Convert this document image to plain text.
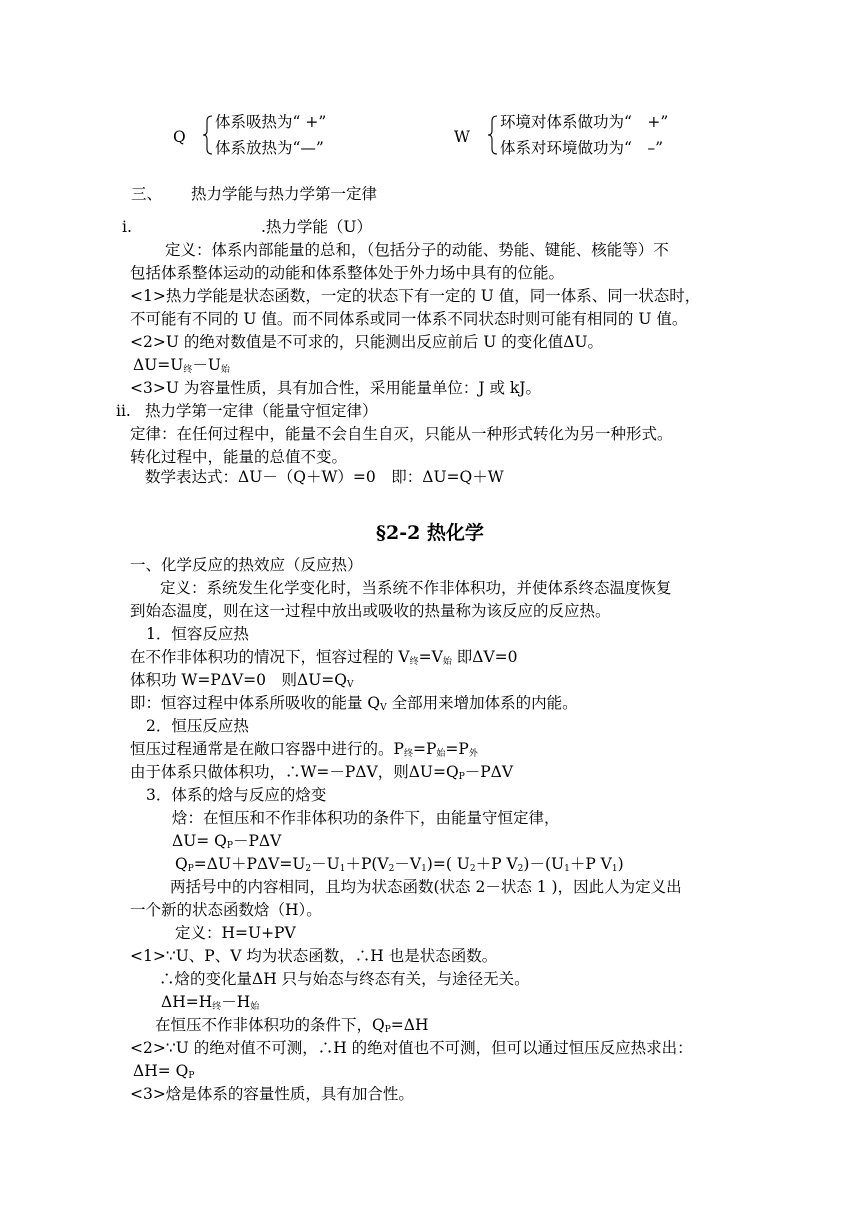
Q
体系吸热为“ +”
体系放热为“—”
W
环境对体系做功为“　+”
体系对环境做功为“　–”
三、 热力学能与热力学第一定律
i.	.热力学能（U）
定义：体系内部能量的总和，（包括分子的动能、势能、键能、核能等）不
包括体系整体运动的动能和体系整体处于外力场中具有的位能。
<1>热力学能是状态函数，一定的状态下有一定的 U 值，同一体系、同一状态时，
不可能有不同的 U 值。而不同体系或同一体系不同状态时则可能有相同的 U 值。
<2>U 的绝对数值是不可求的，只能测出反应前后 U 的变化值ΔU。
$\Delta U=U_终-U_始$
<3>U 为容量性质，具有加合性，采用能量单位：J 或 kJ。
ii. 热力学第一定律（能量守恒定律）
定律：在任何过程中，能量不会自生自灭，只能从一种形式转化为另一种形式。
转化过程中，能量的总值不变。
数学表达式：ΔU－（Q＋W）=0　即：ΔU=Q＋W
§2-2 热化学
一、化学反应的热效应（反应热）
定义：系统发生化学变化时，当系统不作非体积功，并使体系终态温度恢复
到始态温度，则在这一过程中放出或吸收的热量称为该反应的反应热。
1．恒容反应热
在不作非体积功的情况下，恒容过程的 $V_终=V_始$ 即ΔV=0
体积功 W=PΔV=0　则$\Delta U=Q_V$
即：恒容过程中体系所吸收的能量 $Q_V$ 全部用来增加体系的内能。
2．恒压反应热
恒压过程通常是在敞口容器中进行的。$P_终=P_始=P_外$
由于体系只做体积功，∴W=－PΔV，则$\Delta U=Q_P-P\Delta V$
3．体系的焓与反应的焓变
焓：在恒压和不作非体积功的条件下，由能量守恒定律，
$\Delta U= Q_P-P\Delta V$
$Q_P=\Delta U+P\Delta V=U_2-U_1+P(V_2-V_1)=$( $U_2+P$ $V_2)-(U_1+P$ $V_1$)
两括号中的内容相同，且均为状态函数(状态 2－状态 1 )，因此人为定义出
一个新的状态函数焓（H）。
定义：H=U+PV
<1>∵U、P、V 均为状态函数，∴H 也是状态函数。
∴焓的变化量ΔH 只与始态与终态有关，与途径无关。
$\Delta H=H_终-H_始$
在恒压不作非体积功的条件下，$Q_P=\Delta H$
<2>∵U 的绝对值不可测，∴H 的绝对值也不可测，但可以通过恒压反应热求出：
$\Delta H= Q_P$
<3>焓是体系的容量性质，具有加合性。
